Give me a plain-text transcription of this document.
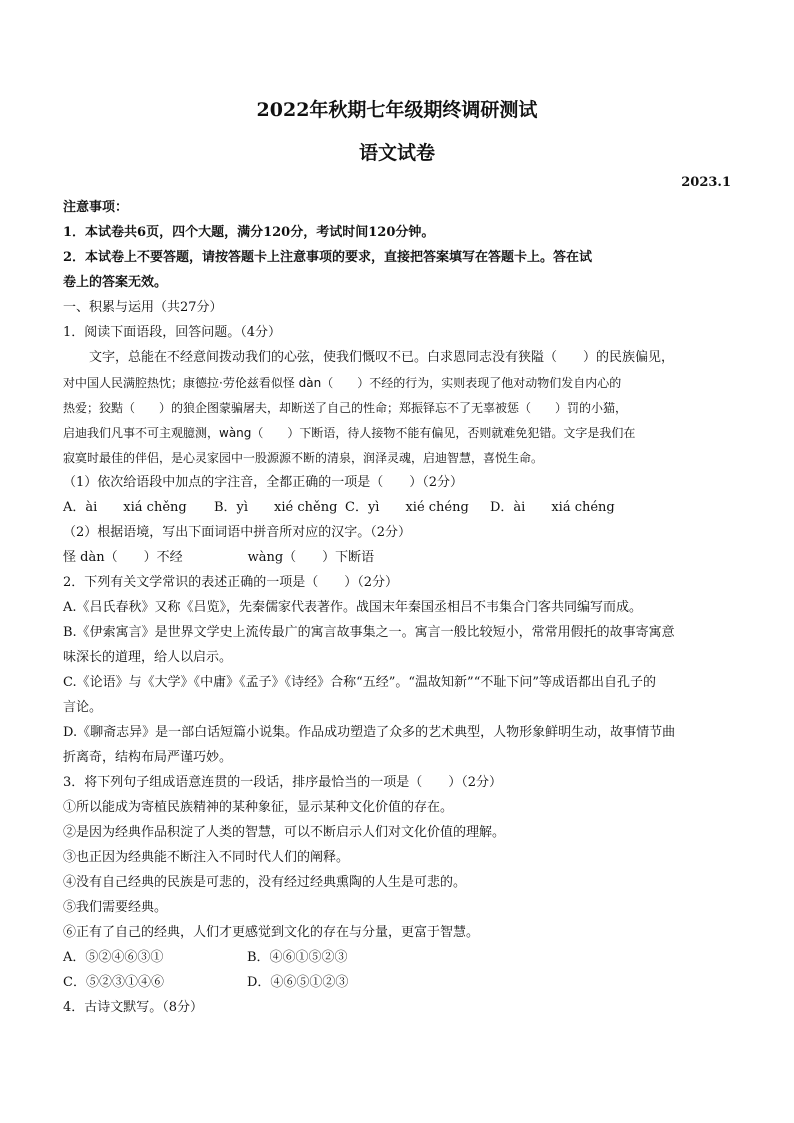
2022年秋期七年级期终调研测试
语文试卷
2023.1
注意事项：
1．本试卷共6页，四个大题，满分120分，考试时间120分钟。
2．本试卷上不要答题，请按答题卡上注意事项的要求，直接把答案填写在答题卡上。答在试
卷上的答案无效。
一、积累与运用（共27分）
1．阅读下面语段，回答问题。（4分）
文字，总能在不经意间拨动我们的心弦，使我们慨叹不已。白求恩同志没有狭隘（　　）的民族偏见，
对中国人民满腔热忱；康德拉·劳伦兹看似怪 dàn（　　）不经的行为，实则表现了他对动物们发自内心的
热爱；狡黠（　　）的狼企图蒙骗屠夫，却断送了自己的性命；郑振铎忘不了无辜被惩（　　）罚的小猫，
启迪我们凡事不可主观臆测，wàng（　　）下断语，待人接物不能有偏见，否则就难免犯错。文字是我们在
寂寞时最佳的伴侣，是心灵家园中一股源源不断的清泉，润泽灵魂，启迪智慧，喜悦生命。
（1）依次给语段中加点的字注音，全都正确的一项是（　　）（2分）
A．ài　　xiá chěng B．yì　　xié chěng C．yì　　xié chéng D．ài　　xiá chéng
（2）根据语境，写出下面词语中拼音所对应的汉字。（2分）
怪 dàn（　　）不经　　　　　wàng（　　）下断语
2．下列有关文学常识的表述正确的一项是（　　）（2分）
A.《吕氏春秋》又称《吕览》，先秦儒家代表著作。战国末年秦国丞相吕不韦集合门客共同编写而成。
B.《伊索寓言》是世界文学史上流传最广的寓言故事集之一。寓言一般比较短小，常常用假托的故事寄寓意
味深长的道理，给人以启示。
C.《论语》与《大学》《中庸》《孟子》《诗经》合称“五经”。“温故知新”“不耻下问”等成语都出自孔子的
言论。
D.《聊斋志异》是一部白话短篇小说集。作品成功塑造了众多的艺术典型，人物形象鲜明生动，故事情节曲
折离奇，结构布局严谨巧妙。
3．将下列句子组成语意连贯的一段话，排序最恰当的一项是（　　）（2分）
①所以能成为寄植民族精神的某种象征，显示某种文化价值的存在。
②是因为经典作品积淀了人类的智慧，可以不断启示人们对文化价值的理解。
③也正因为经典能不断注入不同时代人们的阐释。
④没有自己经典的民族是可悲的，没有经过经典熏陶的人生是可悲的。
⑤我们需要经典。
⑥正有了自己的经典，人们才更感觉到文化的存在与分量，更富于智慧。
A．⑤②④⑥③①	B．④⑥①⑤②③
C．⑤②③①④⑥	D．④⑥⑤①②③
4．古诗文默写。（8分）
